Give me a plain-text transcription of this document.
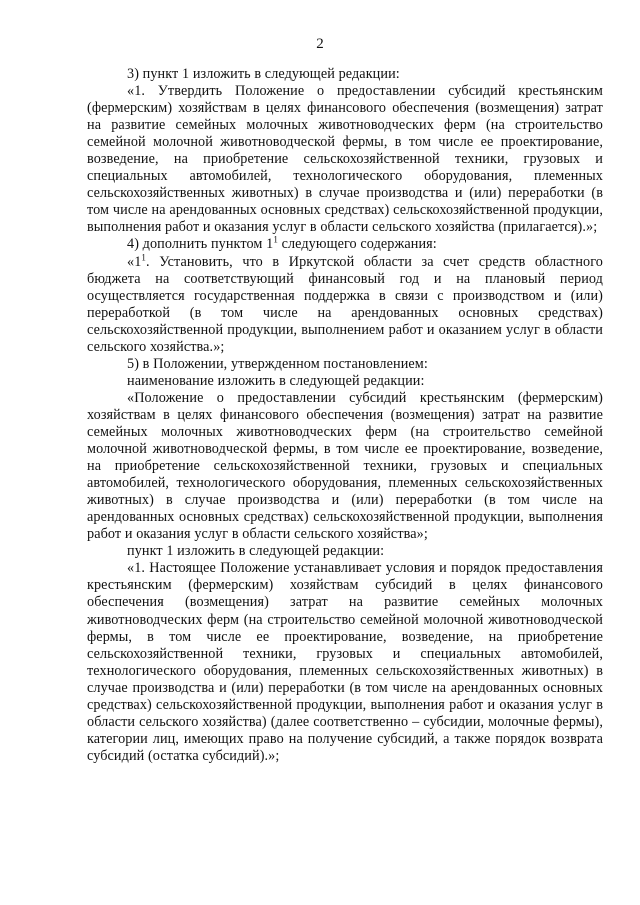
2

3) пункт 1 изложить в следующей редакции:

«1. Утвердить Положение о предоставлении субсидий крестьянским (фермерским) хозяйствам в целях финансового обеспечения (возмещения) затрат на развитие семейных молочных животноводческих ферм (на строительство семейной молочной животноводческой фермы, в том числе ее проектирование, возведение, на приобретение сельскохозяйственной техники, грузовых и специальных автомобилей, технологического оборудования, племенных сельскохозяйственных животных) в случае производства и (или) переработки (в том числе на арендованных основных средствах) сельскохозяйственной продукции, выполнения работ и оказания услуг в области сельского хозяйства (прилагается).»;

4) дополнить пунктом $1^1$ следующего содержания:

«$1^1$. Установить, что в Иркутской области за счет средств областного бюджета на соответствующий финансовый год и на плановый период осуществляется государственная поддержка в связи с производством и (или) переработкой (в том числе на арендованных основных средствах) сельскохозяйственной продукции, выполнением работ и оказанием услуг в области сельского хозяйства.»;

5) в Положении, утвержденном постановлением:

наименование изложить в следующей редакции:

«Положение о предоставлении субсидий крестьянским (фермерским) хозяйствам в целях финансового обеспечения (возмещения) затрат на развитие семейных молочных животноводческих ферм (на строительство семейной молочной животноводческой фермы, в том числе ее проектирование, возведение, на приобретение сельскохозяйственной техники, грузовых и специальных автомобилей, технологического оборудования, племенных сельскохозяйственных животных) в случае производства и (или) переработки (в том числе на арендованных основных средствах) сельскохозяйственной продукции, выполнения работ и оказания услуг в области сельского хозяйства»;

пункт 1 изложить в следующей редакции:

«1. Настоящее Положение устанавливает условия и порядок предоставления крестьянским (фермерским) хозяйствам субсидий в целях финансового обеспечения (возмещения) затрат на развитие семейных молочных животноводческих ферм (на строительство семейной молочной животноводческой фермы, в том числе ее проектирование, возведение, на приобретение сельскохозяйственной техники, грузовых и специальных автомобилей, технологического оборудования, племенных сельскохозяйственных животных) в случае производства и (или) переработки (в том числе на арендованных основных средствах) сельскохозяйственной продукции, выполнения работ и оказания услуг в области сельского хозяйства) (далее соответственно – субсидии, молочные фермы), категории лиц, имеющих право на получение субсидий, а также порядок возврата субсидий (остатка субсидий).»;
